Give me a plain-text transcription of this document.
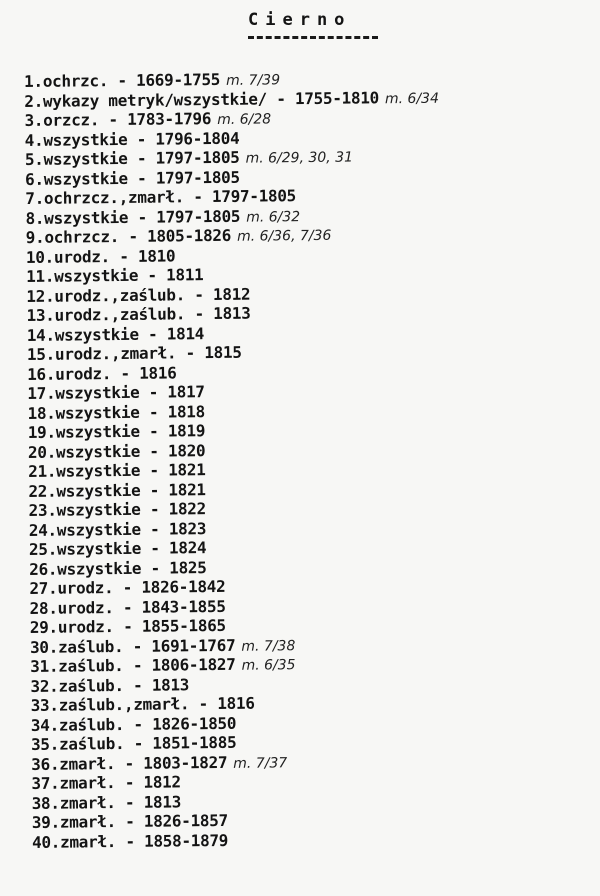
Cierno
1.ochrzc. - 1669-1755 m. 7/39
2.wykazy metryk/wszystkie/ - 1755-1810 m. 6/34
3.orzcz. - 1783-1796 m. 6/28
4.wszystkie - 1796-1804
5.wszystkie - 1797-1805 m. 6/29, 30, 31
6.wszystkie - 1797-1805
7.ochrzcz.,zmarł. - 1797-1805
8.wszystkie - 1797-1805 m. 6/32
9.ochrzcz. - 1805-1826 m. 6/36, 7/36
10.urodz. - 1810
11.wszystkie - 1811
12.urodz.,zaślub. - 1812
13.urodz.,zaślub. - 1813
14.wszystkie - 1814
15.urodz.,zmarł. - 1815
16.urodz. - 1816
17.wszystkie - 1817
18.wszystkie - 1818
19.wszystkie - 1819
20.wszystkie - 1820
21.wszystkie - 1821
22.wszystkie - 1821
23.wszystkie - 1822
24.wszystkie - 1823
25.wszystkie - 1824
26.wszystkie - 1825
27.urodz. - 1826-1842
28.urodz. - 1843-1855
29.urodz. - 1855-1865
30.zaślub. - 1691-1767 m. 7/38
31.zaślub. - 1806-1827 m. 6/35
32.zaślub. - 1813
33.zaślub.,zmarł. - 1816
34.zaślub. - 1826-1850
35.zaślub. - 1851-1885
36.zmarł. - 1803-1827 m. 7/37
37.zmarł. - 1812
38.zmarł. - 1813
39.zmarł. - 1826-1857
40.zmarł. - 1858-1879
